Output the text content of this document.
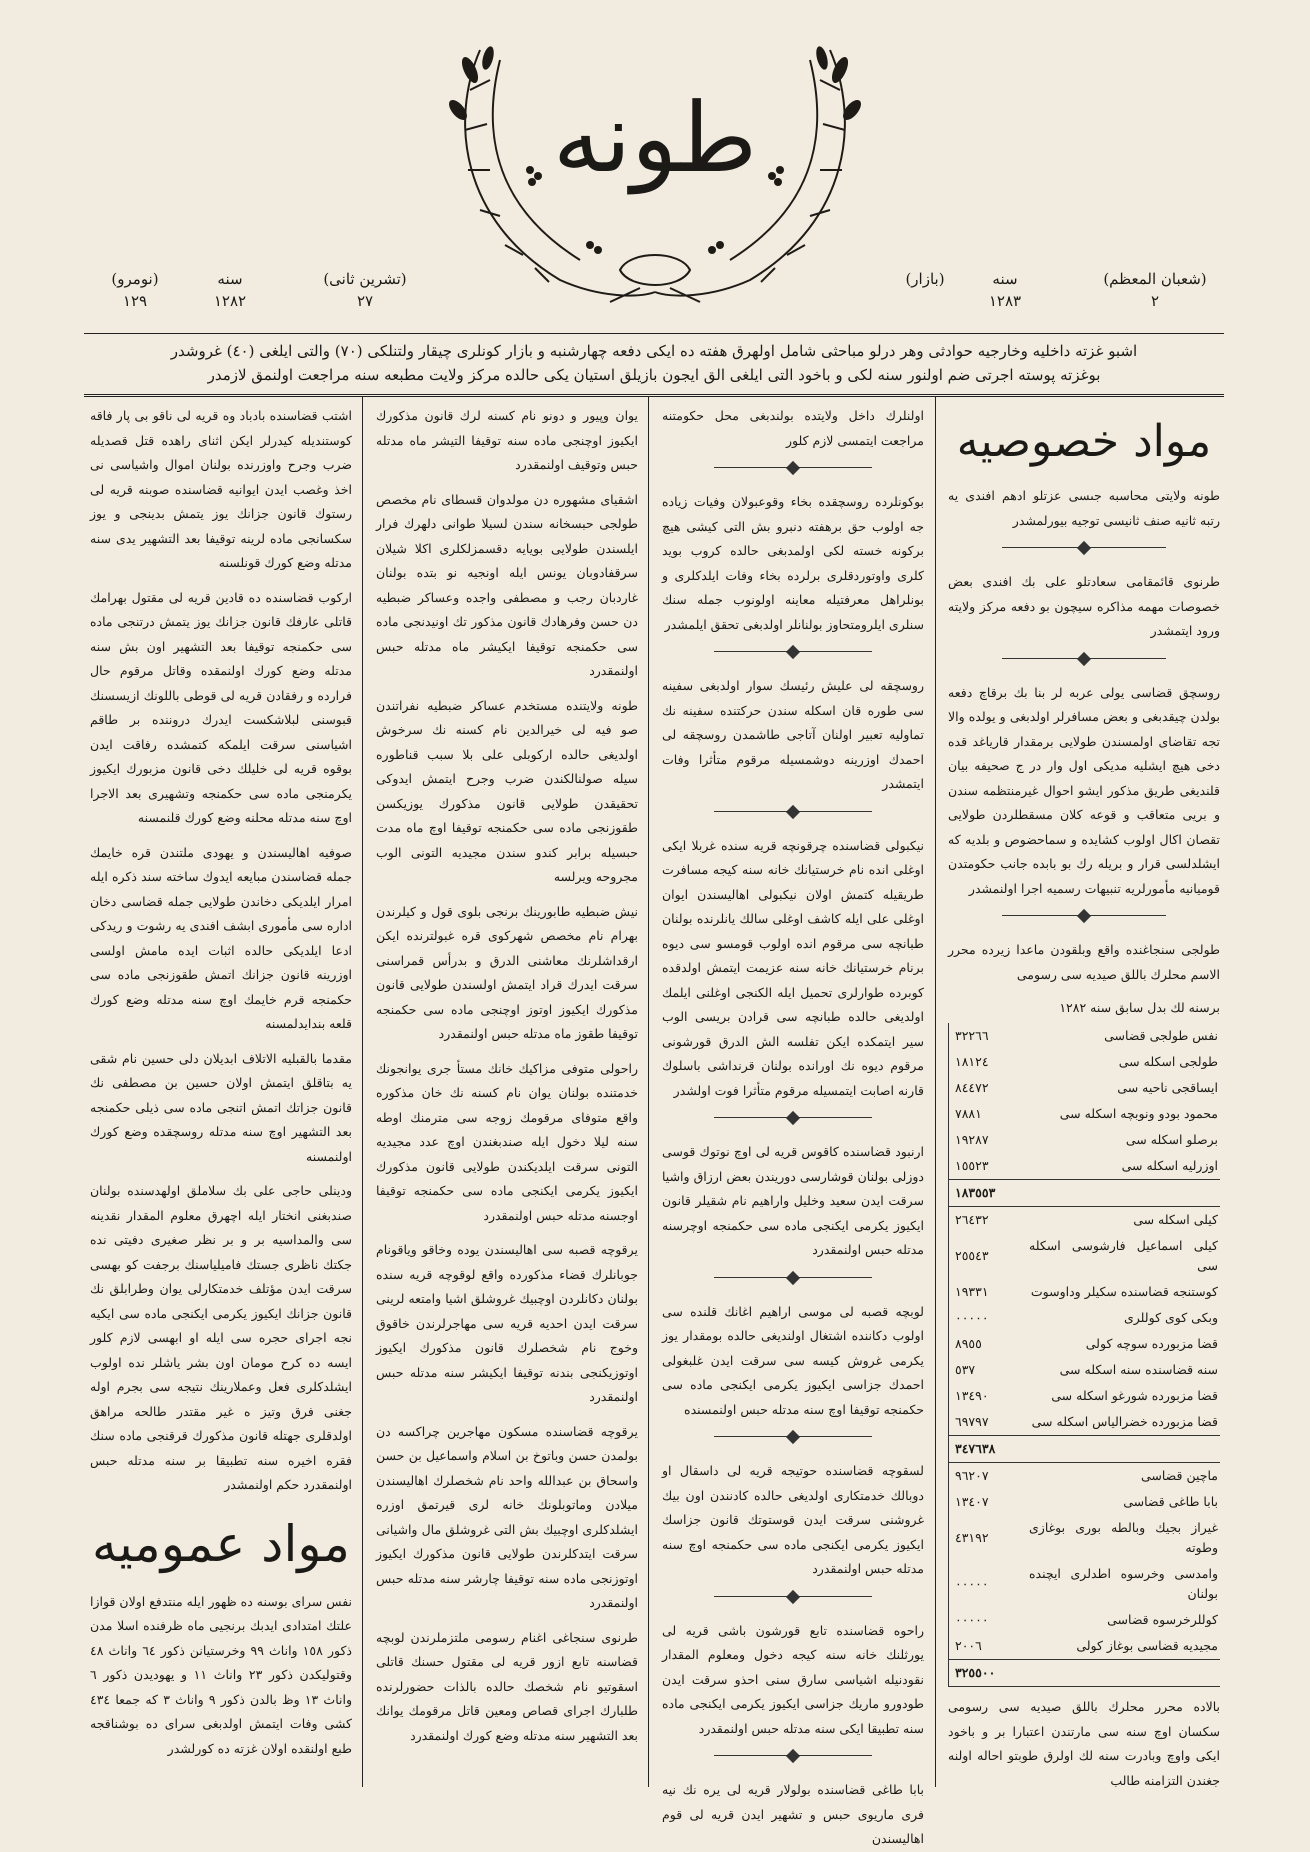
طونه
(نومرو)
١٢٩
سنه
١٢٨٢
(تشرين ثانى)
٢٧
(بازار)	سنه
١٢٨٣
(شعبان المعظم)
٢
اشبو غزته داخليه وخارجيه حوادثى وهر درلو مباحثى شامل اولهرق هفته ده ايكى دفعه چهارشنبه و بازار كونلرى چيقار ولتنلكى (٧٠) والتى ايلغى (٤٠) غروشدر
بوغزته پوسته اجرتى ضم اولنور سنه لكى و باخود التى ايلغى الق ايجون بازيلق استيان يكى حالده مركز ولايت مطبعه سنه مراجعت اولنمق لازمدر
مواد خصوصيه

طونه ولايتى محاسبه جىسى عزتلو ادهم افندى يه رتبه ثانيه صنف ثانيسى توجيه بيورلمشدر

طرنوى قائمقامى سعادتلو على بك افندى بعض خصوصات مهمه مذاكره سيچون بو دفعه مركز ولايته ورود ايتمشدر

روسچق قضاسى يولى عربه لر بنا بك برقاچ دفعه بولدن چيقدبغى و بعض مسافرلر اولدبغى و يولده والا تجه تقاضاى اولمسندن طولايى برمقدار قارياغد قده دخى هيچ ايشليه مديكى اول وار در ج صحيفه بيان قلنديغى طريق مذكور ايشو احوال غيرمنتظمه سندن و بريى متعاقب و قوعه كلان مسقطلردن طولايى تقصان اكال اولوب كشايده و سماحضوص و بلديه كه ايشلدلسى قرار و بريله رك بو بابده جانب حكومتدن قوميانيه مأمورلريه تنبيهات رسميه اجرا اولنمشدر

طولجى سنجاغنده واقع وبلقودن ماعدا زيرده محرر الاسم محلرك باللق صيديه سى رسومى

برسنه لك بدل سابق سنه ١٢٨٢
نفس طولجى قضاسى	٣٢٢٦٦
طولجى اسكله سى	١٨١٢٤
ايساقجى ناحيه سى	٨٤٤٧٢
محمود بودو ونوبچه اسكله سى	٧٨٨١
برصلو اسكله سى	١٩٢٨٧
اوزرليه اسكله سى	١٥٥٢٣
	١٨٣٥٥٣
كيلى اسكله سى	٢٦٤٣٢
كيلى اسماعيل فارشوسى اسكله سى	٢٥٥٤٣
كوستنجه قضاسنده سكيلر وداوسوت	١٩٣٣١
وبكى كوى كوللرى	٠٠٠٠٠
قضا مزبورده سوچه كولى	٨٩٥٥
سنه قضاسنده سنه اسكله سى	٥٣٧
قضا مزبورده شورغو اسكله سى	١٣٤٩٠
قضا مزبورده خضرالياس اسكله سى	٦٩٧٩٧
	٣٤٧٦٣٨
ماچين قضاسى	٩٦٢٠٧
بابا طاغى قضاسى	١٣٤٠٧
غيراز بجيك وبالطه بورى بوغازى وطوته	٤٣١٩٢
وامدسى وخرسوه اطدلرى ايچنده بولنان	٠٠٠٠٠
كوللرخرسوه قضاسى	٠٠٠٠٠
مجيديه قضاسى بوغاز كولى	٢٠٠٦
	٣٢٥٥٠٠

بالاده محرر محلرك باللق صيديه سى رسومى سكسان اوچ سنه سى مارتندن اعتبارا بر و باخود ايكى واوچ وبادرت سنه لك اولرق طوبتو احاله اولنه جغندن التزامنه طالب

اولنلرك داخل ولايتده بولندبغى محل حكومتنه مراجعت ايتمسى لازم كلور

بوكونلرده روسچقده بخاء وقوعبولان وفيات زياده جه اولوب حق برهفته دنبرو بش التى كيشى هيچ بركونه خسته لكى اولمدبغى حالده كروب بويد كلرى واوتوردقلرى برلرده بخاء وفات ايلدكلرى و بونلراهل معرفتيله معاينه اولونوب جمله سنك سنلرى ايلرومتحاوز بولنانلر اولدبغى تحقق ايلمشدر

روسچقه لى عليش رئيسك سوار اولدبغى سفينه سى طوره قان اسكله سندن حركتنده سفينه نك تماوليه تعبير اولنان آتاجى طاشمدن روسچقه لى احمدك اوزرينه دوشمسيله مرقوم متأثرا وفات ايتمشدر

نيكبولى قضاسنده چرقونچه قريه سنده غربلا ايكى اوغلى انده نام خرستيانك خانه سنه كيجه مسافرت طريقيله كتمش اولان نيكبولى اهاليسندن ايوان اوغلى على ايله كاشف اوغلى سالك يانلرنده بولنان طبانچه سى مرقوم انده اولوب قومسو سى ديوه برنام خرستيانك خانه سنه عزيمت ايتمش اولدقده كوبرده طوارلرى تحميل ايله الكنجى اوغلنى ايلمك اولديغى حالده طبانچه سى قرادن بريسى الوب سير ايتمكده ايكن تفلسه الش الدرق قورشونى مرقوم ديوه نك اورانده بولنان قرنداشى باسلوك قارنه اصابت ايتمسيله مرقوم متأثرا فوت اولشدر

ارنبود قضاسنده كاقوس قريه لى اوچ نوتوك قوسى دوزلى بولنان قوشارسى دوريندن بعض ارزاق واشيا سرقت ايدن سعيد وخليل واراهيم نام شقيلر قانون ايكيوز يكرمى ايكنجى ماده سى حكمنجه اوچرسنه مدتله حبس اولنمقدرد

لوبچه قصبه لى موسى اراهيم اغانك قلنده سى اولوب دكاننده اشتغال اولنديغى حالده بومقدار يوز يكرمى غروش كيسه سى سرقت ايدن غلبغولى احمدك جزاسى ايكيوز يكرمى ايكنجى ماده سى حكمنجه توقيفا اوچ سنه مدتله حبس اولنمسنده

لسقوچه قضاسنده حوتيجه قريه لى داسقال او دوبالك خدمتكارى اولديغى حالده كادنندن اون بيك غروشنى سرقت ايدن قوستوتك قانون جزاسك ايكيوز يكرمى ايكنجى ماده سى حكمنجه اوچ سنه مدتله حبس اولنمقدرد

راحوه قضاسنده تابع قورشون باشى قريه لى يورثلنك خانه سنه كيجه دخول ومعلوم المقدار نقودنيله اشياسى سارق سنى احذو سرقت ايدن طودورو ماريك جزاسى ايكيوز يكرمى ايكنجى ماده سنه تطبيقا ايكى سنه مدتله حبس اولنمقدرد

بابا طاغى قضاسنده بولولار قريه لى يره نك نيه فرى ماريوى حبس و تشهير ايدن قريه لى قوم اهاليسندن

يوان وپيور و دونو نام كسنه لرك قانون مذكورك ايكيوز اوچنجى ماده سنه توقيفا التيشر ماه مدتله حبس وتوقيف اولنمقدرد

اشقياى مشهوره دن مولدوان قسطاى نام مخصص طولجى حبسخانه سندن لسيلا طوانى دلهرك فرار ايلسندن طولايى بويايه دقسمزلكلرى اكلا شيلان سرقفادوبان يونس ايله اونجيه نو بتده بولنان غاردبان رجب و مصطفى واجده وعساكر ضبطيه دن حسن وفرهادك قانون مذكور تك اونيدنجى ماده سى حكمنجه توقيفا ايكيشر ماه مدتله حبس اولنمقدرد

طونه ولايتنده مستخدم عساكر ضبطيه نفراتندن صو فيه لى خيرالدين نام كسنه نك سرخوش اولديغى حالده اركوبلى على بلا سبب قناطوره سيله صولنالكندن ضرب وجرح ايتمش ايدوكى تحقيقدن طولايى قانون مذكورك يوزيكسن طقوزنجى ماده سى حكمنجه توقيفا اوچ ماه مدت حبسيله برابر كندو سندن مجيديه التونى الوب مجروحه ويرلسه

نيش ضبطيه طابورينك برنجى بلوى قول و كيلرندن بهرام نام مخصص شهركوى قره غبولترنده ايكن ارقداشلرنك معاشنى الدرق و بدرأس قمراسنى سرقت ايدرك قراد ايتمش اولسندن طولايى قانون مذكورك ايكيوز اوتوز اوچنجى ماده سى حكمنجه توقيفا طقوز ماه مدتله حبس اولنمقدرد

راحولى متوفى مزاكيك خانك مستأ جرى يوانجونك خدمتنده بولنان يوان نام كسنه نك خان مذكوره واقع متوفاى مرقومك زوجه سى مترمنك اوطه سنه ليلا دخول ايله صندبغندن اوچ عدد مجيديه التونى سرقت ايلديكندن طولايى قانون مذكورك ايكيوز يكرمى ايكنجى ماده سى حكمنجه توقيفا اوجسنه مدتله حبس اولنمقدرد

يرقوچه قصبه سى اهاليسندن يوده وخاقو وياقونام جوبانلرك قضاء مذكورده واقع لوقوچه قريه سنده بولنان دكانلردن اوچبيك غروشلق اشيا وامتعه لرينى سرقت ايدن احديه قريه سى مهاجرلرندن خاقوق وخوج نام شخصلرك قانون مذكورك ايكيوز اوتوزيكنجى بندنه توقيفا ايكيشر سنه مدتله حبس اولنمقدرد

يرقوچه قضاسنده مسكون مهاجرين چراكسه دن بولمدن حسن وباتوخ بن اسلام واسماعيل بن حسن واسحاق بن عبدالله واحد نام شخصلرك اهاليسندن ميلادن وماتوبلونك خانه لرى قيرتمق اوزره ايشلدكلرى اوچبيك بش التى غروشلق مال واشيانى سرقت ايتدكلرندن طولايى قانون مذكورك ايكيوز اوتوزنجى ماده سنه توقيفا چارشر سنه مدتله حبس اولنمقدرد

طرنوى سنجاغى اغنام رسومى ملتزملرندن لوبچه قضاسنه تابع ازور قريه لى مقتول حسنك قاتلى اسقوتيو نام شخصك حالده بالذات حضورلرنده طلبارك اجراى قصاص ومعين قاتل مرقومك يوانك بعد التشهير سنه مدتله وضع كورك اولنمقدرد

اشتب قضاسنده بادباد وه قريه لى ناقو بى پار فاقه كوستنديله كيدرلر ايكن اثناى راهده قتل قصديله ضرب وجرح واوزرنده بولنان اموال واشياسى نى اخذ وغصب ايدن ايوانيه قضاسنده صوبنه قريه لى رستوك قانون جزانك يوز يتمش بدينجى و يوز سكسانجى ماده لرينه توقيفا بعد التشهير يدى سنه مدتله وضع كورك قونلسنه

اركوب قضاسنده ده قادين قريه لى مقتول بهرامك قاتلى عارفك قانون جزانك يوز يتمش درتنجى ماده سى حكمنجه توقيفا بعد التشهير اون بش سنه مدتله وضع كورك اولنمقده وقاتل مرقوم حال فرارده و رفقادن قريه لى قوطى باللونك ازيسسنك قبوسنى لبلاشكست ايدرك دروننده بر طاقم اشياسنى سرقت ايلمكه كتمشده رفاقت ايدن بوقوه قريه لى خليلك دخى قانون مزبورك ايكيوز يكرمنجى ماده سى حكمنجه وتشهيرى بعد الاجرا اوچ سنه مدتله محلنه وضع كورك قلنمسنه

صوفيه اهاليسندن و يهودى ملتندن قره خايمك جمله قضاسندن مبايعه ايدوك ساخته سند ذكره ايله امرار ايلديكى دخاندن طولايى جمله قضاسى دخان اداره سى مأمورى ابشف افندى يه رشوت و ريدكى ادعا ايلديكى حالده اثبات ايده مامش اولسى اوزرينه قانون جزانك اتمش طقوزنجى ماده سى حكمنجه قرم خايمك اوچ سنه مدتله وضع كورك قلعه بندايدلمسنه

مقدما بالقبليه الاتلاف ابديلان دلى حسين نام شقى يه بتاقلق ايتمش اولان حسين بن مصطفى نك قانون جزاتك اتمش اتنجى ماده سى ذيلى حكمنجه بعد التشهير اوچ سنه مدتله روسچقده وضع كورك اولنمسنه

ودينلى حاجى على بك سلاملق اولهدسنده بولنان صندبغنى انختار ايله اچهرق معلوم المقدار نقدينه سى والمداسيه بر و بر نظر صغيرى دفيتى نده جكتك ناظرى جستك فاميلياسنك برجفت كو بهسى سرقت ايدن مؤتلف خدمتكارلى يوان وطرابلق نك قانون جزانك ايكيوز يكرمى ايكنجى ماده سى ايكيه نجه اجراى حجره سى ايله او ابهسى لازم كلور ايسه ده كرح مومان اون بشر ياشلر نده اولوب ايشلدكلرى فعل وعملارينك نتيجه سى بجرم اوله جغنى فرق وتيز ه غير مقتدر طالحه مراهق اولدقلرى جهتله قانون مذكورك قرقنجى ماده سنك فقره اخيره سنه تطبيقا بر سنه مدتله حبس اولنمقدرد حكم اولنمشدر

مواد عموميه

نفس سراى بوسنه ده ظهور ايله منتدفع اولان قوازا علتك امتدادى ايدبك برنجيى ماه ظرفنده اسلا مدن ذكور ١٥٨ واناث ٩٩ وخرستيانن ذكور ٦٤ واناث ٤٨ وقتوليكدن ذكور ٢٣ واناث ١١ و يهوديدن ذكور ٦ واناث ١٣ وظ بالدن ذكور ٩ واناث ٣ كه جمعا ٤٣٤ كشى وفات ايتمش اولدبغى سراى ده بوشناقجه طبع اولنقده اولان غزته ده كورلشدر
